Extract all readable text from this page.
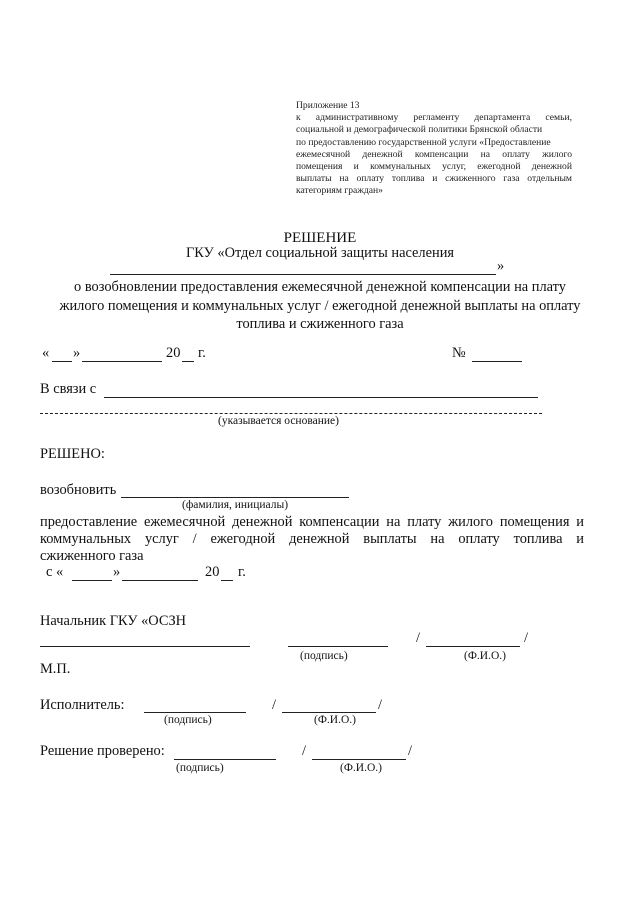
Приложение 13
к административному регламенту департамента семьи,
социальной и демографической политики Брянской области
по предоставлению государственной услуги «Предоставление
ежемесячной денежной компенсации на оплату жилого
помещения и коммунальных услуг, ежегодной денежной
выплаты на оплату топлива и сжиженного газа отдельным
категориям граждан»
РЕШЕНИЕ
ГКУ «Отдел социальной защиты населения
»
о возобновлении предоставления ежемесячной денежной компенсации на плату
жилого помещения и коммунальных услуг / ежегодной денежной выплаты на оплату
топлива и сжиженного газа
« »	20 г.	№
В связи с
(указывается основание)
РЕШЕНО:
возобновить
(фамилия, инициалы)
предоставление ежемесячной денежной компенсации на плату жилого помещения и
коммунальных услуг / ежегодной денежной выплаты на оплату топлива и
сжиженного газа
с «	»	20 г.
Начальник ГКУ «ОСЗН
(подпись)
/	/
(Ф.И.О.)
М.П.
Исполнитель:
(подпись)
/	/
(Ф.И.О.)
Решение проверено:
(подпись)
/	/
(Ф.И.О.)
